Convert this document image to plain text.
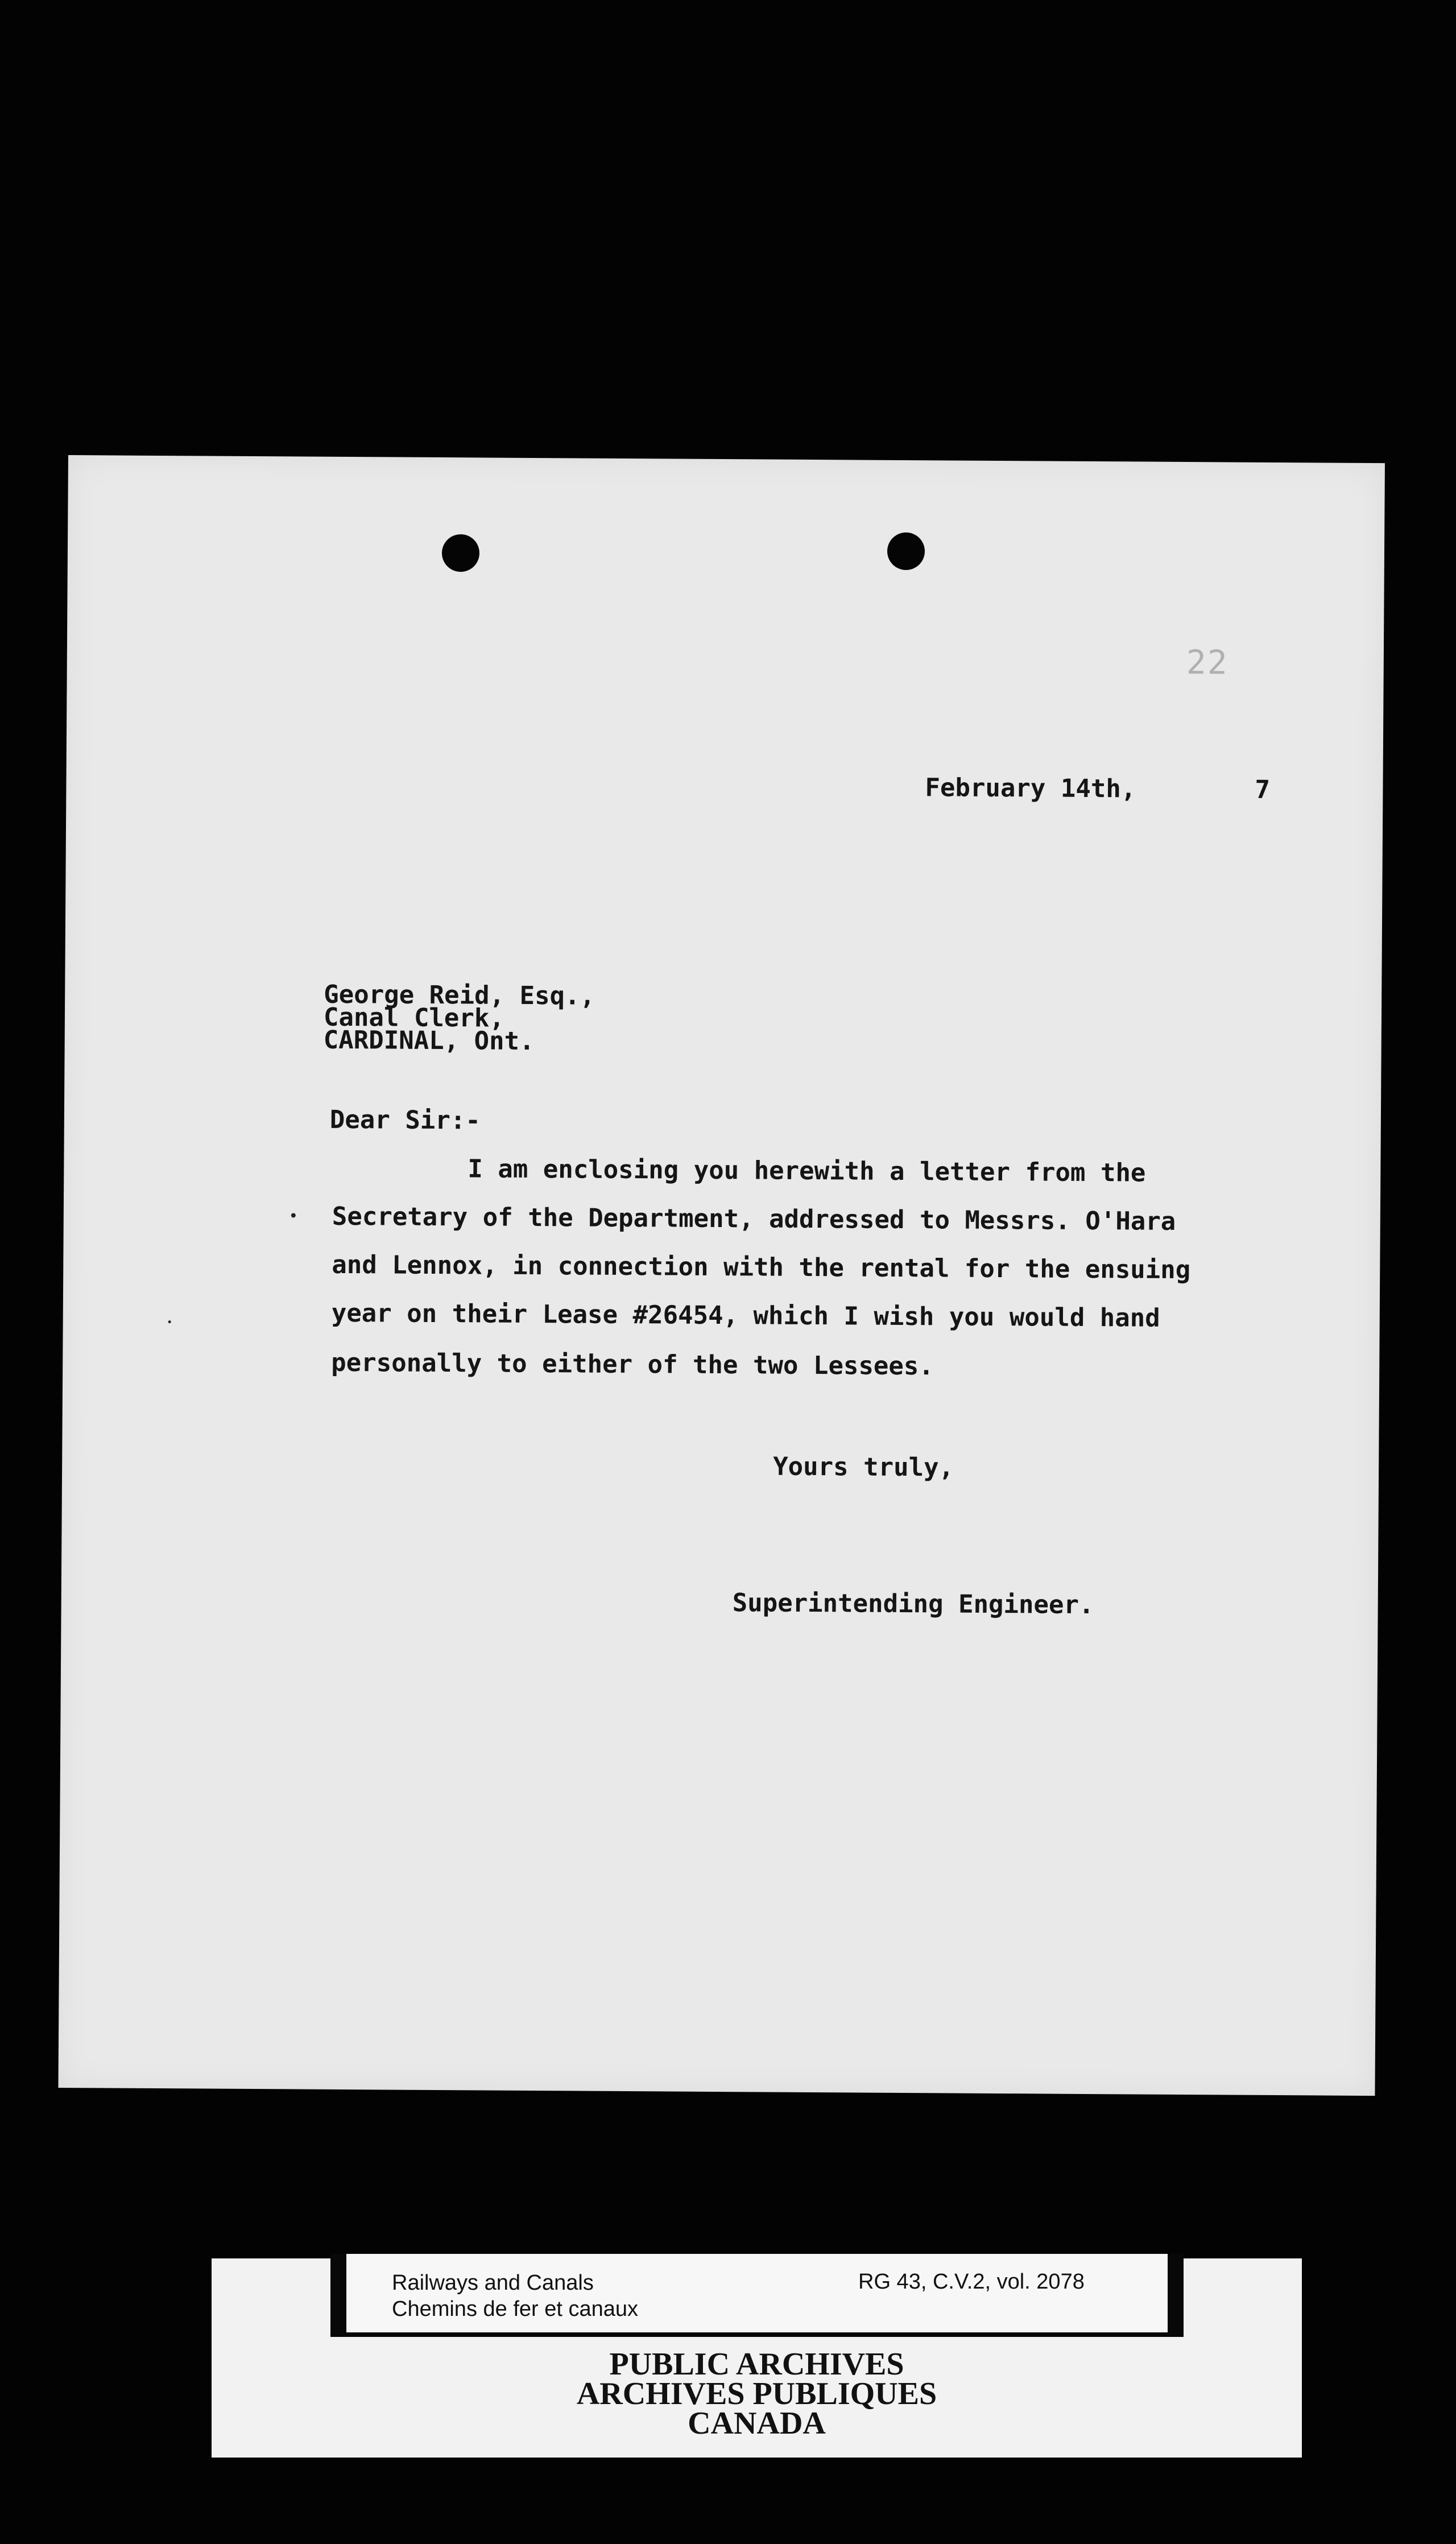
22
February 14th,	7
George Reid, Esq.,
Canal Clerk,
CARDINAL, Ont.
Dear Sir:-
I am enclosing you herewith a letter from the
Secretary of the Department, addressed to Messrs. O'Hara
and Lennox, in connection with the rental for the ensuing
year on their Lease #26454, which I wish you would hand
personally to either of the two Lessees.
Yours truly,
Superintending Engineer.
Railways and Canals
Chemins de fer et canaux
RG 43, C.V.2, vol. 2078
PUBLIC ARCHIVES
ARCHIVES PUBLIQUES
CANADA
